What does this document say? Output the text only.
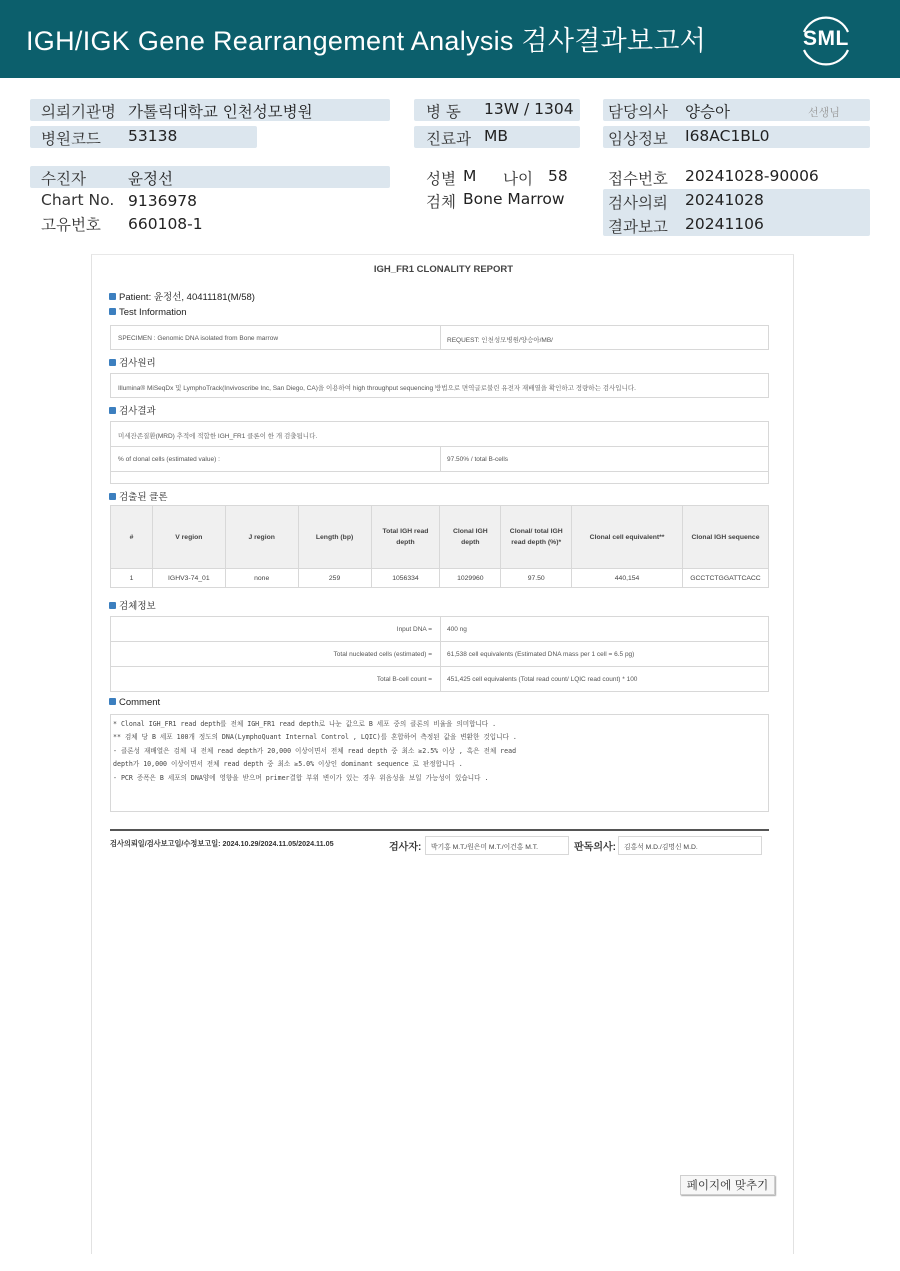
IGH/IGK Gene Rearrangement Analysis 검사결과보고서	SML
의뢰기관명 가톨릭대학교 인천성모병원
병원코드 53138
병 동 13W / 1304
진료과 MB
담당의사 양승아	선생님
임상정보 I68AC1BL0
수진자	윤정선
Chart No. 9136978
고유번호 660108-1
성별 M 나이 58
검체 Bone Marrow
접수번호 20241028-90006
검사의뢰 20241028
결과보고 20241106
IGH_FR1 CLONALITY REPORT
Patient: 윤정선, 40411181(M/58)
Test Information
SPECIMEN : Genomic DNA isolated from Bone marrow	REQUEST: 인천성모병원/양승아/MB/
검사원리
Illumina® MiSeqDx 및 LymphoTrack(Invivoscribe Inc, San Diego, CA)을 이용하여 high throughput sequencing 방법으로 면역글로불린 유전자 재배열을 확인하고 정량하는 검사입니다.
검사결과
미세잔존질환(MRD) 추적에 적합한 IGH_FR1 클론이 한 개 검출됩니다.
% of clonal cells (estimated value) :	97.50% / total B-cells
검출된 클론
#	V region	J region	Length (bp)	Total IGH read depth	Clonal IGH depth	Clonal/ total IGH read depth (%)*	Clonal cell equivalent**	Clonal IGH sequence
1	IGHV3-74_01	none	259	1056334	1029960	97.50	440,154	GCCTCTGGATTCACC
검체정보
Input DNA = 400 ng
Total nucleated cells (estimated) = 61,538 cell equivalents (Estimated DNA mass per 1 cell = 6.5 pg)
Total B-cell count = 451,425 cell equivalents (Total read count/ LQIC read count) * 100
Comment
* Clonal IGH_FR1 read depth를 전체 IGH_FR1 read depth로 나눈 값으로 B 세포 중의 클론의 비율을 의미합니다 .
** 검체 당 B 세포 100개 정도의 DNA(LymphoQuant Internal Control , LQIC)를 혼합하여 측정된 값을 변환한 것입니다 .
- 클론성 재배열은 검체 내 전체 read depth가 20,000 이상이면서 전체 read depth 중 최소 ≥2.5% 이상 , 혹은 전체 read
depth가 10,000 이상이면서 전체 read depth 중 최소 ≥5.0% 이상인 dominant sequence 로 판정합니다 .
- PCR 증폭은 B 세포의 DNA양에 영향을 받으며 primer결합 부위 변이가 있는 경우 위음성을 보일 가능성이 있습니다 .
검사의뢰일/검사보고일/수정보고일: 2024.10.29/2024.11.05/2024.11.05	검사자:	박기홍 M.T./원은미 M.T./이건홍 M.T.	판독의사:	김홍석 M.D./김명신 M.D.
페이지에 맞추기
